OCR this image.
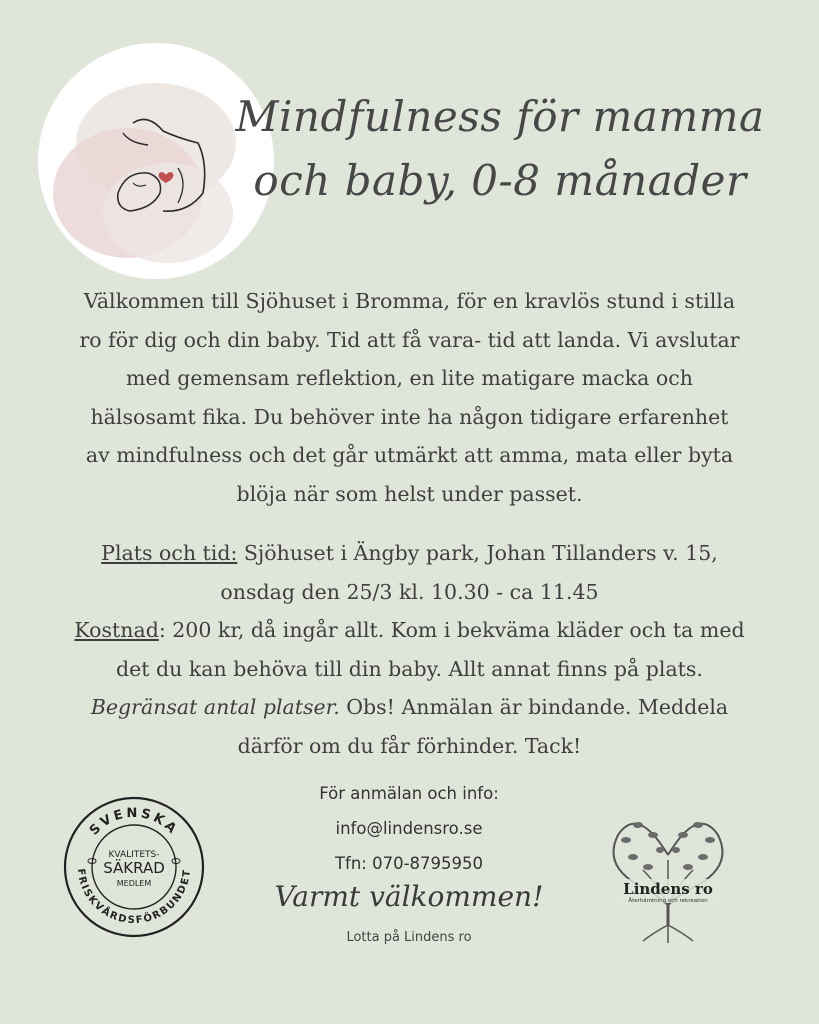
Mindfulness för mamma
och baby, 0-8 månader
Välkommen till Sjöhuset i Bromma, för en kravlös stund i stilla
ro för dig och din baby. Tid att få vara- tid att landa. Vi avslutar
med gemensam reflektion, en lite matigare macka och
hälsosamt fika. Du behöver inte ha någon tidigare erfarenhet
av mindfulness och det går utmärkt att amma, mata eller byta
blöja när som helst under passet.
Plats och tid: Sjöhuset i Ängby park, Johan Tillanders v. 15,
onsdag den 25/3 kl. 10.30 - ca 11.45
Kostnad: 200 kr, då ingår allt. Kom i bekväma kläder och ta med
det du kan behöva till din baby. Allt annat finns på plats.
Begränsat antal platser. Obs! Anmälan är bindande. Meddela
därför om du får förhinder. Tack!
SVENSKA
FRISKVÅRDSFÖRBUNDET
KVALITETS-
SÄKRAD
MEDLEM
För anmälan och info:
info@lindensro.se
Tfn: 070-8795950
Varmt välkommen!
Lotta på Lindens ro
Lindens ro
Återhämtning och rekreation
